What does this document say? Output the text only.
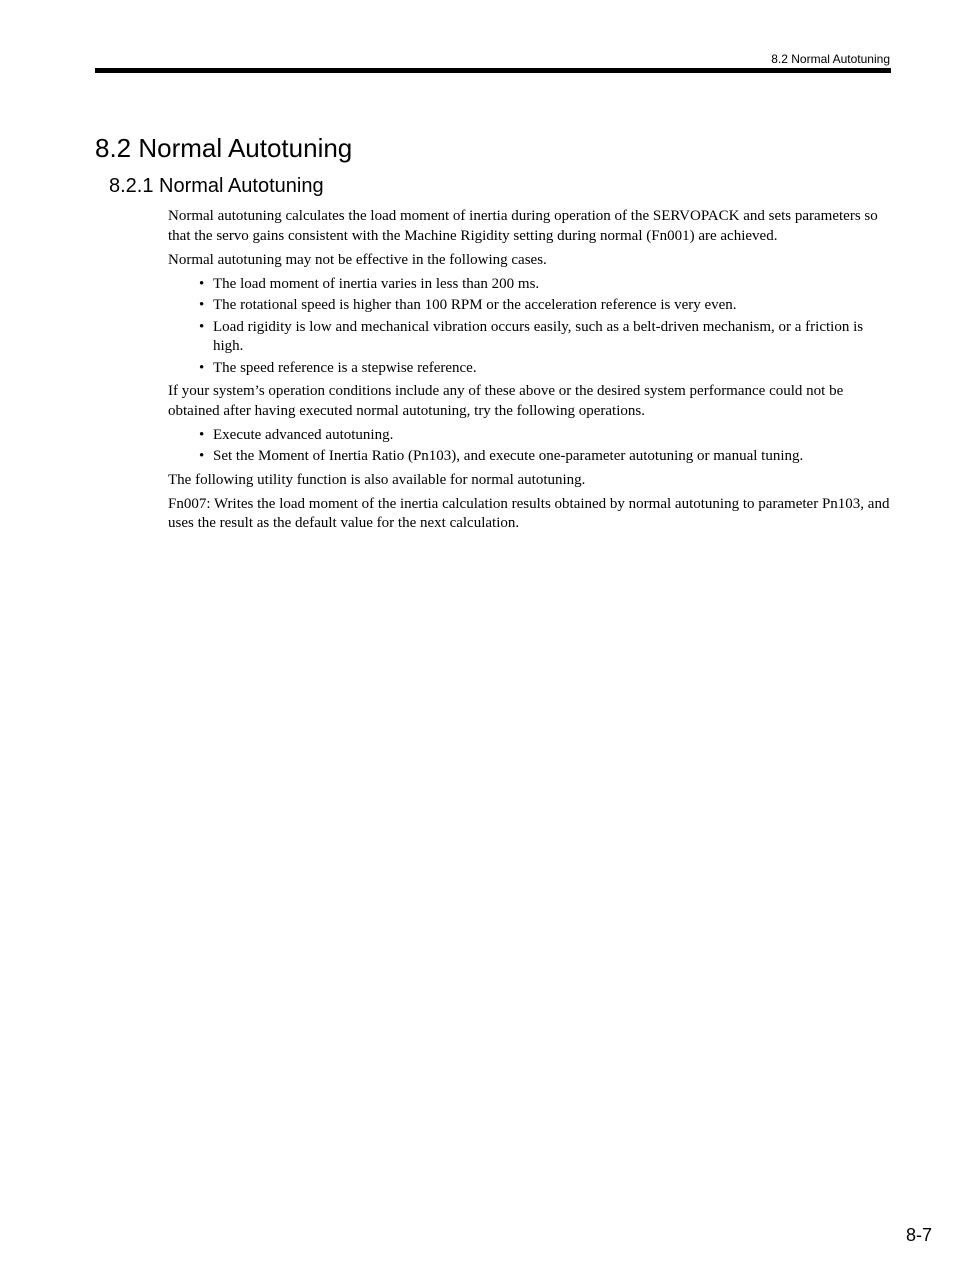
8.2 Normal Autotuning
8.2 Normal Autotuning
8.2.1 Normal Autotuning

Normal autotuning calculates the load moment of inertia during operation of the SERVOPACK and sets parameters so that the servo gains consistent with the Machine Rigidity setting during normal (Fn001) are achieved.

Normal autotuning may not be effective in the following cases.

• The load moment of inertia varies in less than 200 ms.
• The rotational speed is higher than 100 RPM or the acceleration reference is very even.
• Load rigidity is low and mechanical vibration occurs easily, such as a belt-driven mechanism, or a friction is high.
• The speed reference is a stepwise reference.

If your system’s operation conditions include any of these above or the desired system performance could not be obtained after having executed normal autotuning, try the following operations.

• Execute advanced autotuning.
• Set the Moment of Inertia Ratio (Pn103), and execute one-parameter autotuning or manual tuning.

The following utility function is also available for normal autotuning.

Fn007: Writes the load moment of the inertia calculation results obtained by normal autotuning to parameter Pn103, and uses the result as the default value for the next calculation.

8-7
